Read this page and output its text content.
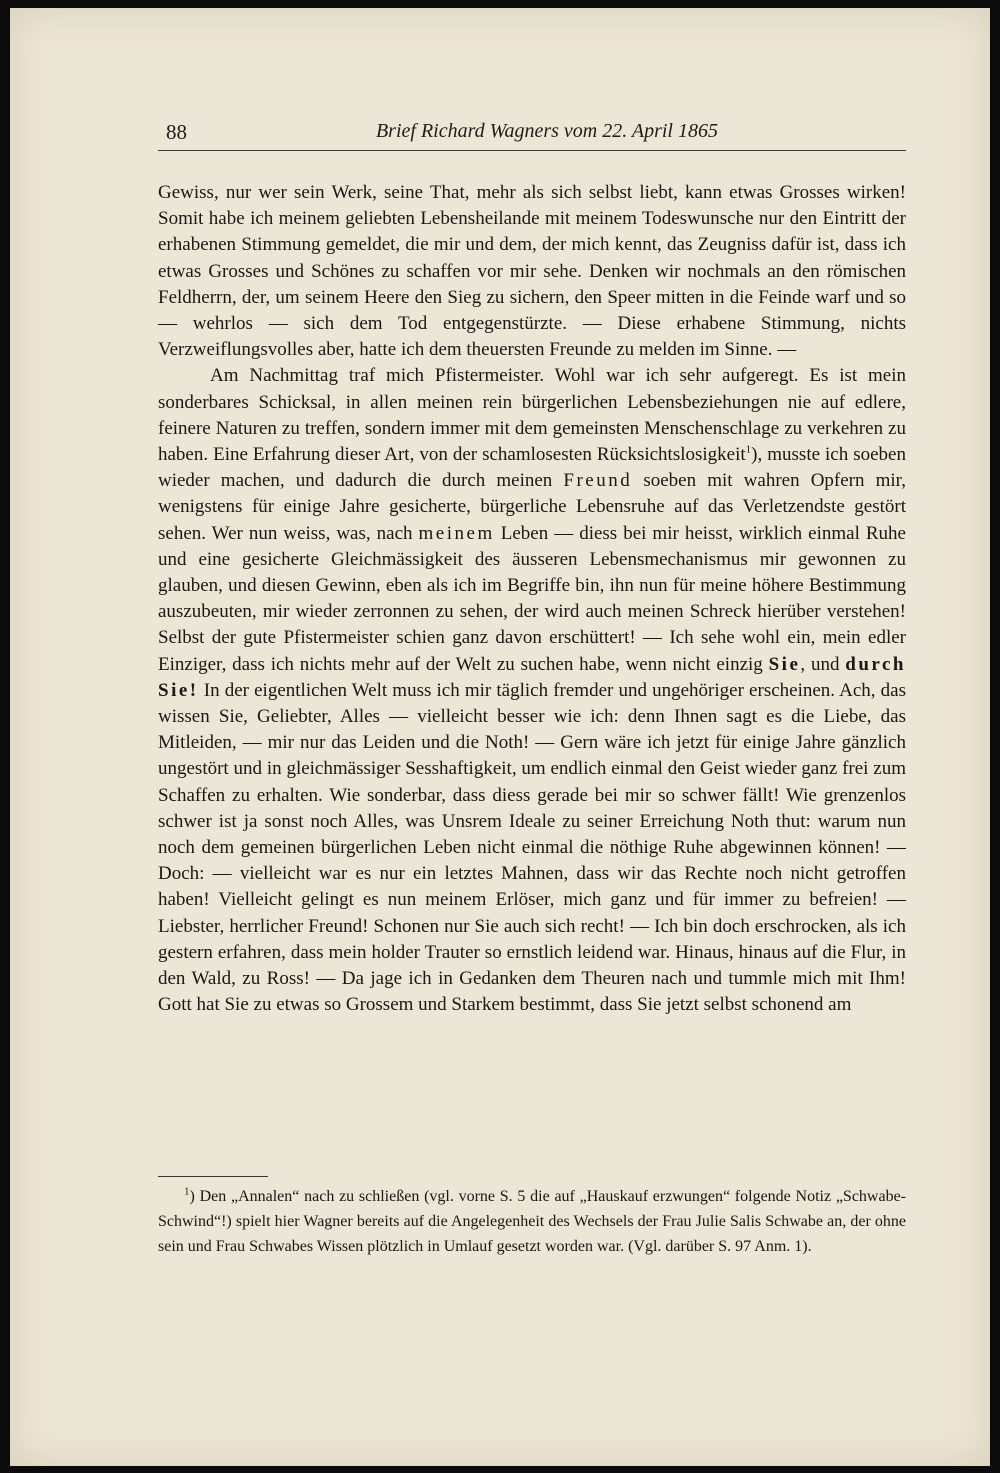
88	Brief Richard Wagners vom 22. April 1865

Gewiss, nur wer sein Werk, seine That, mehr als sich selbst liebt, kann etwas Grosses wirken! Somit habe ich meinem geliebten Lebensheilande mit meinem Todeswunsche nur den Eintritt der erhabenen Stimmung gemeldet, die mir und dem, der mich kennt, das Zeugniss dafür ist, dass ich etwas Grosses und Schönes zu schaffen vor mir sehe. Denken wir nochmals an den römischen Feldherrn, der, um seinem Heere den Sieg zu sichern, den Speer mitten in die Feinde warf und so — wehrlos — sich dem Tod entgegenstürzte. — Diese erhabene Stimmung, nichts Verzweiflungsvolles aber, hatte ich dem theuersten Freunde zu melden im Sinne. —

Am Nachmittag traf mich Pfistermeister. Wohl war ich sehr aufgeregt. Es ist mein sonderbares Schicksal, in allen meinen rein bürgerlichen Lebensbeziehungen nie auf edlere, feinere Naturen zu treffen, sondern immer mit dem gemeinsten Menschenschlage zu verkehren zu haben. Eine Erfahrung dieser Art, von der schamlosesten Rücksichtslosigkeit$^1$), musste ich soeben wieder machen, und dadurch die durch meinen Freund soeben mit wahren Opfern mir, wenigstens für einige Jahre gesicherte, bürgerliche Lebensruhe auf das Verletzendste gestört sehen. Wer nun weiss, was, nach meinem Leben — diess bei mir heisst, wirklich einmal Ruhe und eine gesicherte Gleichmässigkeit des äusseren Lebensmechanismus mir gewonnen zu glauben, und diesen Gewinn, eben als ich im Begriffe bin, ihn nun für meine höhere Bestimmung auszubeuten, mir wieder zerronnen zu sehen, der wird auch meinen Schreck hierüber verstehen! Selbst der gute Pfistermeister schien ganz davon erschüttert! — Ich sehe wohl ein, mein edler Einziger, dass ich nichts mehr auf der Welt zu suchen habe, wenn nicht einzig Sie, und durch Sie! In der eigentlichen Welt muss ich mir täglich fremder und ungehöriger erscheinen. Ach, das wissen Sie, Geliebter, Alles — vielleicht besser wie ich: denn Ihnen sagt es die Liebe, das Mitleiden, — mir nur das Leiden und die Noth! — Gern wäre ich jetzt für einige Jahre gänzlich ungestört und in gleichmässiger Sesshaftigkeit, um endlich einmal den Geist wieder ganz frei zum Schaffen zu erhalten. Wie sonderbar, dass diess gerade bei mir so schwer fällt! Wie grenzenlos schwer ist ja sonst noch Alles, was Unsrem Ideale zu seiner Erreichung Noth thut: warum nun noch dem gemeinen bürgerlichen Leben nicht einmal die nöthige Ruhe abgewinnen können! — Doch: — vielleicht war es nur ein letztes Mahnen, dass wir das Rechte noch nicht getroffen haben! Vielleicht gelingt es nun meinem Erlöser, mich ganz und für immer zu befreien! — Liebster, herrlicher Freund! Schonen nur Sie auch sich recht! — Ich bin doch erschrocken, als ich gestern erfahren, dass mein holder Trauter so ernstlich leidend war. Hinaus, hinaus auf die Flur, in den Wald, zu Ross! — Da jage ich in Gedanken dem Theuren nach und tummle mich mit Ihm! Gott hat Sie zu etwas so Grossem und Starkem bestimmt, dass Sie jetzt selbst schonend am

$^1$) Den „Annalen“ nach zu schließen (vgl. vorne S. 5 die auf „Hauskauf erzwungen“ folgende Notiz „Schwabe-Schwind“!) spielt hier Wagner bereits auf die Angelegenheit des Wechsels der Frau Julie Salis Schwabe an, der ohne sein und Frau Schwabes Wissen plötzlich in Umlauf gesetzt worden war. (Vgl. darüber S. 97 Anm. 1).
